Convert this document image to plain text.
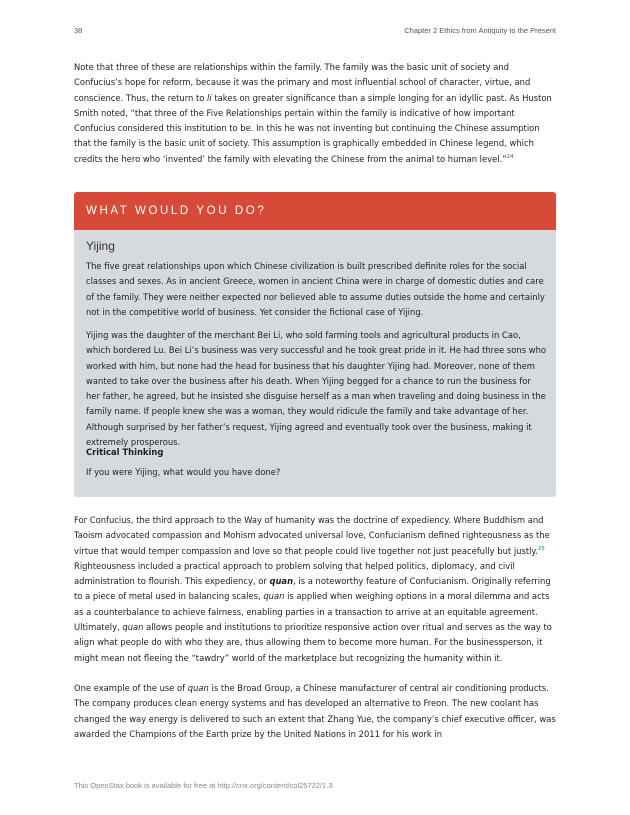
38	Chapter 2 Ethics from Antiquity to the Present

Note that three of these are relationships within the family. The family was the basic unit of society and Confucius’s hope for reform, because it was the primary and most influential school of character, virtue, and conscience. Thus, the return to li takes on greater significance than a simple longing for an idyllic past. As Huston Smith noted, “that three of the Five Relationships pertain within the family is indicative of how important Confucius considered this institution to be. In this he was not inventing but continuing the Chinese assumption that the family is the basic unit of society. This assumption is graphically embedded in Chinese legend, which credits the hero who ‘invented’ the family with elevating the Chinese from the animal to human level.”$^{24}$

WHAT WOULD YOU DO?
Yijing

The five great relationships upon which Chinese civilization is built prescribed definite roles for the social classes and sexes. As in ancient Greece, women in ancient China were in charge of domestic duties and care of the family. They were neither expected nor believed able to assume duties outside the home and certainly not in the competitive world of business. Yet consider the fictional case of Yijing.

Yijing was the daughter of the merchant Bei Li, who sold farming tools and agricultural products in Cao, which bordered Lu. Bei Li’s business was very successful and he took great pride in it. He had three sons who worked with him, but none had the head for business that his daughter Yijing had. Moreover, none of them wanted to take over the business after his death. When Yijing begged for a chance to run the business for her father, he agreed, but he insisted she disguise herself as a man when traveling and doing business in the family name. If people knew she was a woman, they would ridicule the family and take advantage of her. Although surprised by her father’s request, Yijing agreed and eventually took over the business, making it extremely prosperous.

Critical Thinking

If you were Yijing, what would you have done?

For Confucius, the third approach to the Way of humanity was the doctrine of expediency. Where Buddhism and Taoism advocated compassion and Mohism advocated universal love, Confucianism defined righteousness as the virtue that would temper compassion and love so that people could live together not just peacefully but justly.$^{25}$ Righteousness included a practical approach to problem solving that helped politics, diplomacy, and civil administration to flourish. This expediency, or quan, is a noteworthy feature of Confucianism. Originally referring to a piece of metal used in balancing scales, quan is applied when weighing options in a moral dilemma and acts as a counterbalance to achieve fairness, enabling parties in a transaction to arrive at an equitable agreement. Ultimately, quan allows people and institutions to prioritize responsive action over ritual and serves as the way to align what people do with who they are, thus allowing them to become more human. For the businessperson, it might mean not fleeing the “tawdry” world of the marketplace but recognizing the humanity within it.

One example of the use of quan is the Broad Group, a Chinese manufacturer of central air conditioning products. The company produces clean energy systems and has developed an alternative to Freon. The new coolant has changed the way energy is delivered to such an extent that Zhang Yue, the company’s chief executive officer, was awarded the Champions of the Earth prize by the United Nations in 2011 for his work in

This OpenStax book is available for free at http://cnx.org/content/col25722/1.3
